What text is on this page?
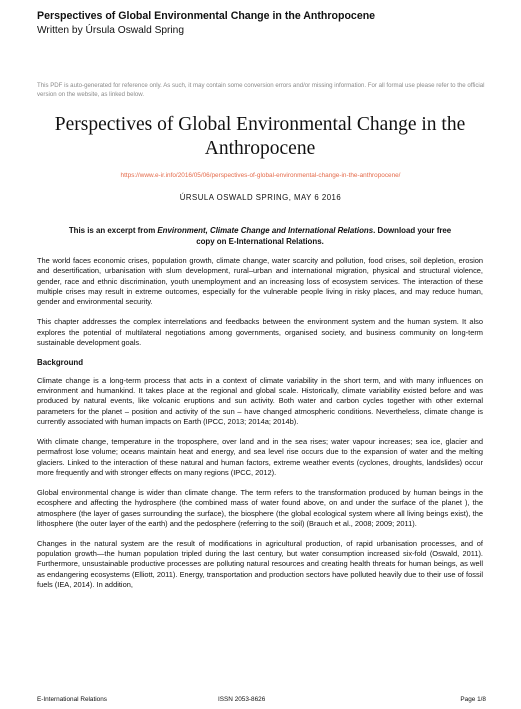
Perspectives of Global Environmental Change in the Anthropocene
Written by Úrsula Oswald Spring
This PDF is auto-generated for reference only. As such, it may contain some conversion errors and/or missing information. For all formal use please refer to the official version on the website, as linked below.
Perspectives of Global Environmental Change in the Anthropocene
https://www.e-ir.info/2016/05/06/perspectives-of-global-environmental-change-in-the-anthropocene/
ÚRSULA OSWALD SPRING, MAY 6 2016
This is an excerpt from Environment, Climate Change and International Relations. Download your free copy on E-International Relations.

The world faces economic crises, population growth, climate change, water scarcity and pollution, food crises, soil depletion, erosion and desertification, urbanisation with slum development, rural–urban and international migration, physical and structural violence, gender, race and ethnic discrimination, youth unemployment and an increasing loss of ecosystem services. The interaction of these multiple crises may result in extreme outcomes, especially for the vulnerable people living in risky places, and may reduce human, gender and environmental security.

This chapter addresses the complex interrelations and feedbacks between the environment system and the human system. It also explores the potential of multilateral negotiations among governments, organised society, and business community on long-term sustainable development goals.

Background

Climate change is a long-term process that acts in a context of climate variability in the short term, and with many influences on environment and humankind. It takes place at the regional and global scale. Historically, climate variability existed before and was produced by natural events, like volcanic eruptions and sun activity. Both water and carbon cycles together with other external parameters for the planet – position and activity of the sun – have changed atmospheric conditions. Nevertheless, climate change is currently associated with human impacts on Earth (IPCC, 2013; 2014a; 2014b).

With climate change, temperature in the troposphere, over land and in the sea rises; water vapour increases; sea ice, glacier and permafrost lose volume; oceans maintain heat and energy, and sea level rise occurs due to the expansion of water and the melting glaciers. Linked to the interaction of these natural and human factors, extreme weather events (cyclones, droughts, landslides) occur more frequently and with stronger effects on many regions (IPCC, 2012).

Global environmental change is wider than climate change. The term refers to the transformation produced by human beings in the ecosphere and affecting the hydrosphere (the combined mass of water found above, on and under the surface of the planet ), the atmosphere (the layer of gases surrounding the surface), the biosphere (the global ecological system where all living beings exist), the lithosphere (the outer layer of the earth) and the pedosphere (referring to the soil) (Brauch et al., 2008; 2009; 2011).

Changes in the natural system are the result of modifications in agricultural production, of rapid urbanisation processes, and of population growth—the human population tripled during the last century, but water consumption increased six-fold (Oswald, 2011). Furthermore, unsustainable productive processes are polluting natural resources and creating health threats for human beings, as well as endangering ecosystems (Elliott, 2011). Energy, transportation and production sectors have polluted heavily due to their use of fossil fuels (IEA, 2014). In addition,

E-International Relations	ISSN 2053-8626	Page 1/8
